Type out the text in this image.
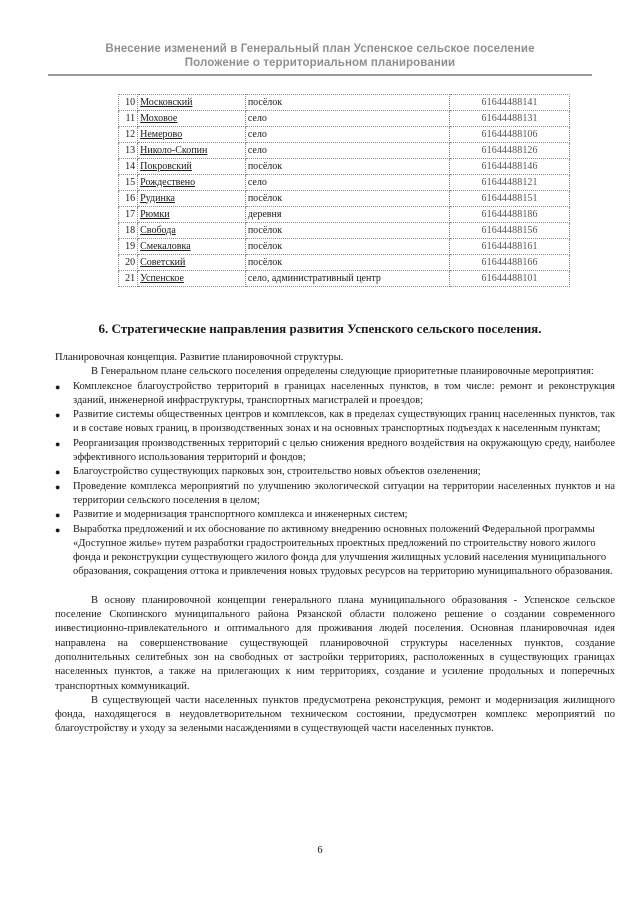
Внесение изменений в Генеральный план Успенское сельское поселение
Положение о территориальном планировании
10	Московский	посёлок	61644488141
11	Моховое	село	61644488131
12	Немерово	село	61644488106
13	Николо-Скопин	село	61644488126
14	Покровский	посёлок	61644488146
15	Рождествено	село	61644488121
16	Рудинка	посёлок	61644488151
17	Рюмки	деревня	61644488186
18	Свобода	посёлок	61644488156
19	Смекаловка	посёлок	61644488161
20	Советский	посёлок	61644488166
21	Успенское	село, административный центр	61644488101
6. Стратегические направления развития Успенского сельского поселения.

Планировочная концепция. Развитие планировочной структуры.

В Генеральном плане сельского поселения определены следующие приоритетные планировочные мероприятия:

● Комплексное благоустройство территорий в границах населенных пунктов, в том числе: ремонт и реконструкция зданий, инженерной инфраструктуры, транспортных магистралей и проездов;
● Развитие системы общественных центров и комплексов, как в пределах существующих границ населенных пунктов, так и в составе новых границ, в производственных зонах и на основных транспортных подъездах к населенным пунктам;
● Реорганизация производственных территорий с целью снижения вредного воздействия на окружающую среду, наиболее эффективного использования территорий и фондов;
● Благоустройство существующих парковых зон, строительство новых объектов озеленения;
● Проведение комплекса мероприятий по улучшению экологической ситуации на территории населенных пунктов и на территории сельского поселения в целом;
● Развитие и модернизация транспортного комплекса и инженерных систем;
● Выработка предложений и их обоснование по активному внедрению основных положений Федеральной программы «Доступное жилье» путем разработки градостроительных проектных предложений по строительству нового жилого фонда и реконструкции существующего жилого фонда для улучшения жилищных условий населения муниципального образования, сокращения оттока и привлечения новых трудовых ресурсов на территорию муниципального образования.

В основу планировочной концепции генерального плана муниципального образования - Успенское сельское поселение Скопинского муниципального района Рязанской области положено решение о создании современного инвестиционно-привлекательного и оптимального для проживания людей поселения. Основная планировочная идея направлена на совершенствование существующей планировочной структуры населенных пунктов, создание дополнительных селитебных зон на свободных от застройки территориях, расположенных в существующих границах населенных пунктов, а также на прилегающих к ним территориях, создание и усиление продольных и поперечных транспортных коммуникаций.

В существующей части населенных пунктов предусмотрена реконструкция, ремонт и модернизация жилищного фонда, находящегося в неудовлетворительном техническом состоянии, предусмотрен комплекс мероприятий по благоустройству и уходу за зелеными насаждениями в существующей части населенных пунктов.

6
